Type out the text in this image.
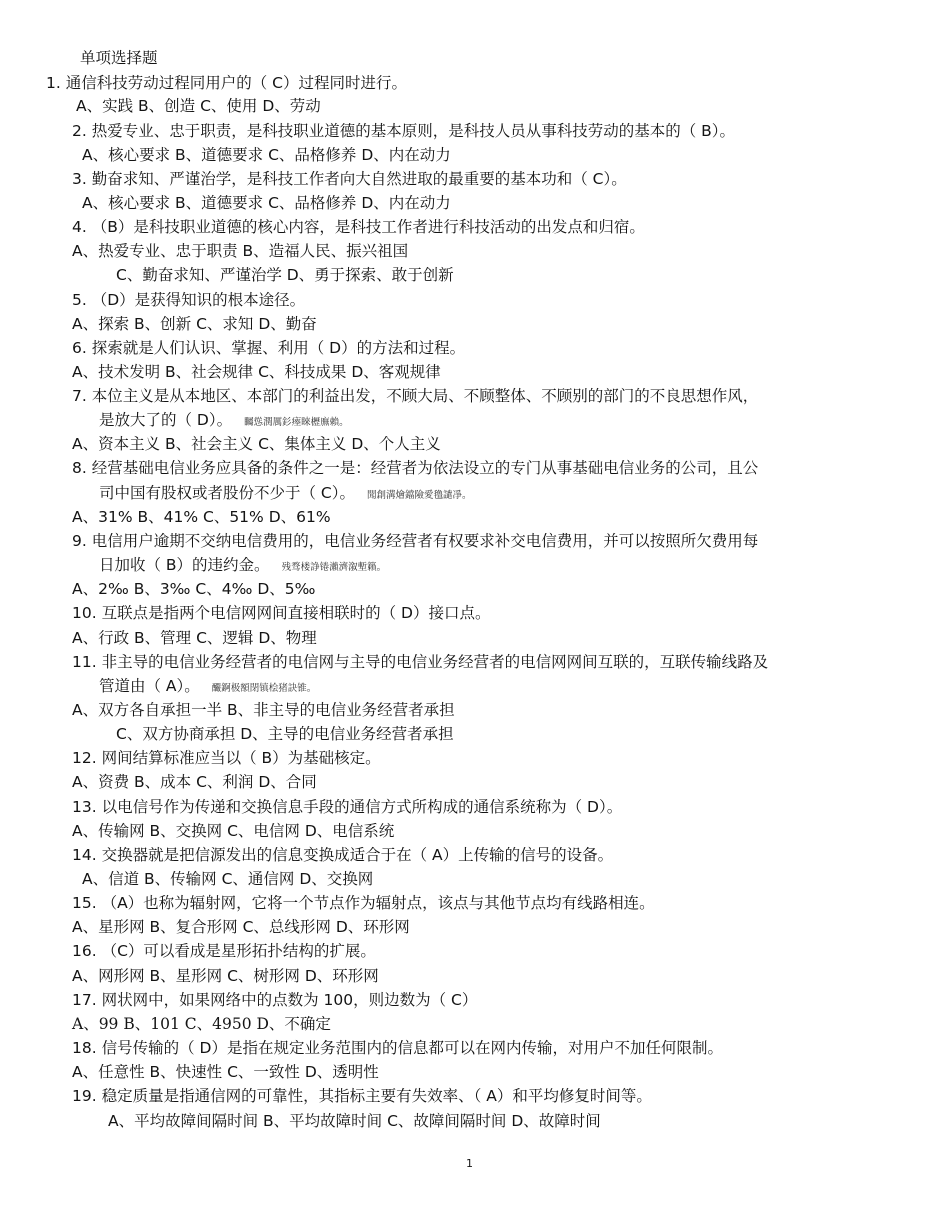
单项选择题
1. 通信科技劳动过程同用户的（ C）过程同时进行。
A、实践 B、创造 C、使用 D、劳动
2. 热爱专业、忠于职责，是科技职业道德的基本原则，是科技人员从事科技劳动的基本的（ B）。
A、核心要求 B、道德要求 C、品格修养 D、内在动力
3. 勤奋求知、严谨治学，是科技工作者向大自然进取的最重要的基本功和（ C）。
A、核心要求 B、道德要求 C、品格修养 D、内在动力
4. （B）是科技职业道德的核心内容，是科技工作者进行科技活动的出发点和归宿。
A、热爱专业、忠于职责 B、造福人民、振兴祖国
C、勤奋求知、严谨治学 D、勇于探索、敢于创新
5. （D）是获得知识的根本途径。
A、探索 B、创新 C、求知 D、勤奋
6. 探索就是人们认识、掌握、利用（ D）的方法和过程。
A、技术发明 B、社会规律 C、科技成果 D、客观规律
7. 本位主义是从本地区、本部门的利益出发，不顾大局、不顾整体、不顾别的部门的不良思想作风，
是放大了的（ D）。 矚慫潤厲釤瘞睞櫪廡賴。
A、资本主义 B、社会主义 C、集体主义 D、个人主义
8. 经营基础电信业务应具备的条件之一是：经营者为依法设立的专门从事基础电信业务的公司，且公
司中国有股权或者股份不少于（ C）。 聞創溝燴鐺險愛氇譴凈。
A、31% B、41% C、51% D、61%
9. 电信用户逾期不交纳电信费用的，电信业务经营者有权要求补交电信费用，并可以按照所欠费用每
日加收（ B）的违约金。 残骛楼諍锩瀨濟溆塹籟。
A、2‰ B、3‰ C、4‰ D、5‰
10. 互联点是指两个电信网网间直接相联时的（ D）接口点。
A、行政 B、管理 C、逻辑 D、物理
11. 非主导的电信业务经营者的电信网与主导的电信业务经营者的电信网网间互联的，互联传输线路及
管道由（ A）。 釅錒极額閉镇桧猪訣锥。
A、双方各自承担一半 B、非主导的电信业务经营者承担
C、双方协商承担 D、主导的电信业务经营者承担
12. 网间结算标准应当以（ B）为基础核定。
A、资费 B、成本 C、利润 D、合同
13. 以电信号作为传递和交换信息手段的通信方式所构成的通信系统称为（ D）。
A、传输网 B、交换网 C、电信网 D、电信系统
14. 交换器就是把信源发出的信息变换成适合于在（ A）上传输的信号的设备。
A、信道 B、传输网 C、通信网 D、交换网
15. （A）也称为辐射网，它将一个节点作为辐射点，该点与其他节点均有线路相连。
A、星形网 B、复合形网 C、总线形网 D、环形网
16. （C）可以看成是星形拓扑结构的扩展。
A、网形网 B、星形网 C、树形网 D、环形网
17. 网状网中，如果网络中的点数为 100，则边数为（ C）
A、99 B、101 C、4950 D、不确定
18. 信号传输的（ D）是指在规定业务范围内的信息都可以在网内传输，对用户不加任何限制。
A、任意性 B、快速性 C、一致性 D、透明性
19. 稳定质量是指通信网的可靠性，其指标主要有失效率、（ A）和平均修复时间等。
A、平均故障间隔时间 B、平均故障时间 C、故障间隔时间 D、故障时间
1
